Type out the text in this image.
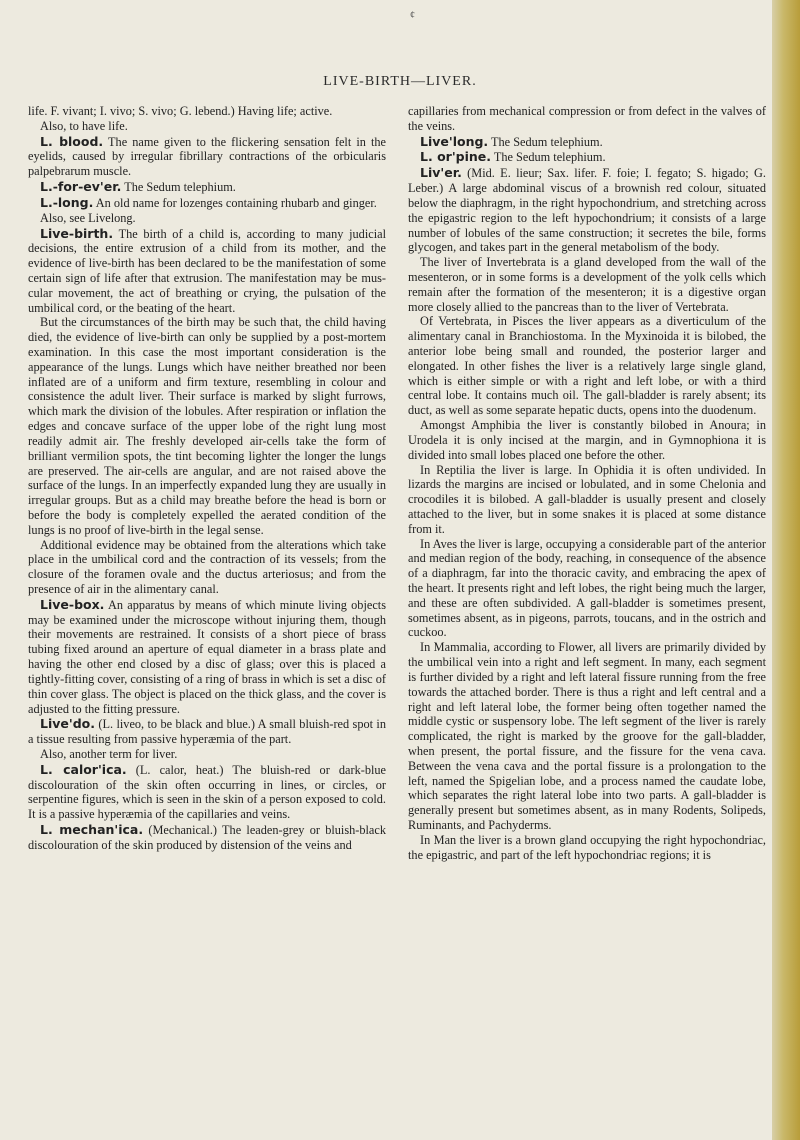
¢
LIVE-BIRTH—LIVER.

life. F. vivant; I. vivo; S. vivo; G. lebend.) Having life; active.

Also, to have life.

L. blood. The name given to the flickering sensation felt in the eyelids, caused by irregular fibrillary contractions of the orbicularis palpebrarum muscle.

L.-for-ev'er. The Sedum telephium.

L.-long. An old name for lozenges containing rhubarb and ginger.

Also, see Livelong.

Live-birth. The birth of a child is, according to many judicial decisions, the entire extrusion of a child from its mother, and the evidence of live-birth has been declared to be the manifestation of some certain sign of life after that extrusion. The manifestation may be muscular movement, the act of breathing or crying, the pulsation of the umbilical cord, or the beating of the heart.

But the circumstances of the birth may be such that, the child having died, the evidence of live-birth can only be supplied by a post-mortem examination. In this case the most important consideration is the appearance of the lungs. Lungs which have neither breathed nor been inflated are of a uniform and firm texture, resembling in colour and consistence the adult liver. Their surface is marked by slight furrows, which mark the division of the lobules. After respiration or inflation the edges and concave surface of the upper lobe of the right lung most readily admit air. The freshly developed air-cells take the form of brilliant vermilion spots, the tint becoming lighter the longer the lungs are preserved. The air-cells are angular, and are not raised above the surface of the lungs. In an imperfectly expanded lung they are usually in irregular groups. But as a child may breathe before the head is born or before the body is completely expelled the aerated condition of the lungs is no proof of live-birth in the legal sense.

Additional evidence may be obtained from the alterations which take place in the umbilical cord and the contraction of its vessels; from the closure of the foramen ovale and the ductus arteriosus; and from the presence of air in the alimentary canal.

Live-box. An apparatus by means of which minute living objects may be examined under the microscope without injuring them, though their movements are restrained. It consists of a short piece of brass tubing fixed around an aperture of equal diameter in a brass plate and having the other end closed by a disc of glass; over this is placed a tightly-fitting cover, consisting of a ring of brass in which is set a disc of thin cover glass. The object is placed on the thick glass, and the cover is adjusted to the fitting pressure.

Live'do. (L. liveo, to be black and blue.) A small bluish-red spot in a tissue resulting from passive hyperæmia of the part.

Also, another term for liver.

L. calor'ica. (L. calor, heat.) The bluish-red or dark-blue discolouration of the skin often occurring in lines, or circles, or serpentine figures, which is seen in the skin of a person exposed to cold. It is a passive hyperæmia of the capillaries and veins.

L. mechan'ica. (Mechanical.) The leaden-grey or bluish-black discolouration of the skin produced by distension of the veins and

capillaries from mechanical compression or from defect in the valves of the veins.

Live'long. The Sedum telephium.

L. or'pine. The Sedum telephium.

Liv'er. (Mid. E. lieur; Sax. lifer. F. foie; I. fegato; S. higado; G. Leber.) A large abdominal viscus of a brownish red colour, situated below the diaphragm, in the right hypochondrium, and stretching across the epigastric region to the left hypochondrium; it consists of a large number of lobules of the same construction; it secretes the bile, forms glycogen, and takes part in the general metabolism of the body.

The liver of Invertebrata is a gland developed from the wall of the mesenteron, or in some forms is a development of the yolk cells which remain after the formation of the mesenteron; it is a digestive organ more closely allied to the pancreas than to the liver of Vertebrata.

Of Vertebrata, in Pisces the liver appears as a diverticulum of the alimentary canal in Branchiostoma. In the Myxinoida it is bilobed, the anterior lobe being small and rounded, the posterior larger and elongated. In other fishes the liver is a relatively large single gland, which is either simple or with a right and left lobe, or with a third central lobe. It contains much oil. The gall-bladder is rarely absent; its duct, as well as some separate hepatic ducts, opens into the duodenum.

Amongst Amphibia the liver is constantly bilobed in Anoura; in Urodela it is only incised at the margin, and in Gymnophiona it is divided into small lobes placed one before the other.

In Reptilia the liver is large. In Ophidia it is often undivided. In lizards the margins are incised or lobulated, and in some Chelonia and crocodiles it is bilobed. A gall-bladder is usually present and closely attached to the liver, but in some snakes it is placed at some distance from it.

In Aves the liver is large, occupying a considerable part of the anterior and median region of the body, reaching, in consequence of the absence of a diaphragm, far into the thoracic cavity, and embracing the apex of the heart. It presents right and left lobes, the right being much the larger, and these are often subdivided. A gall-bladder is sometimes present, sometimes absent, as in pigeons, parrots, toucans, and in the ostrich and cuckoo.

In Mammalia, according to Flower, all livers are primarily divided by the umbilical vein into a right and left segment. In many, each segment is further divided by a right and left lateral fissure running from the free towards the attached border. There is thus a right and left central and a right and left lateral lobe, the former being often together named the middle cystic or suspensory lobe. The left segment of the liver is rarely complicated, the right is marked by the groove for the gall-bladder, when present, the portal fissure, and the fissure for the vena cava. Between the vena cava and the portal fissure is a prolongation to the left, named the Spigelian lobe, and a process named the caudate lobe, which separates the right lateral lobe into two parts. A gall-bladder is generally present but sometimes absent, as in many Rodents, Solipeds, Ruminants, and Pachyderms.

In Man the liver is a brown gland occupying the right hypochondriac, the epigastric, and part of the left hypochondriac regions; it is
